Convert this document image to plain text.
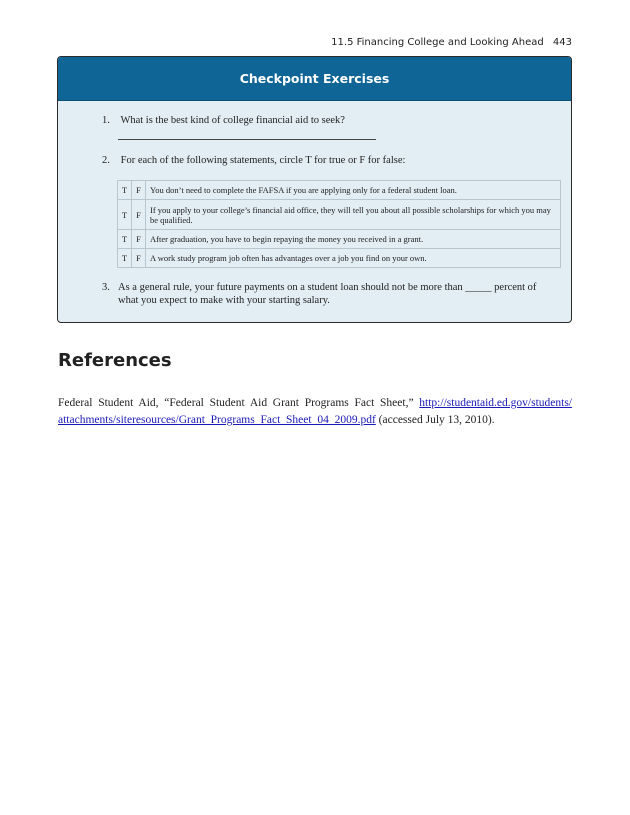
11.5 Financing College and Looking Ahead 443
Checkpoint Exercises
1. What is the best kind of college financial aid to seek?
2. For each of the following statements, circle T for true or F for false:
T	F	You don’t need to complete the FAFSA if you are applying only for a federal student loan.
T	F	If you apply to your college’s financial aid office, they will tell you about all possible scholarships for which you may be qualified.
T	F	After graduation, you have to begin repaying the money you received in a grant.
T	F	A work study program job often has advantages over a job you find on your own.
3. As a general rule, your future payments on a student loan should not be more than _____ percent of what you expect to make with your starting salary.
References
Federal Student Aid, “Federal Student Aid Grant Programs Fact Sheet,” http://studentaid.ed.gov/students/attachments/siteresources/Grant_Programs_Fact_Sheet_04_2009.pdf (accessed July 13, 2010).
